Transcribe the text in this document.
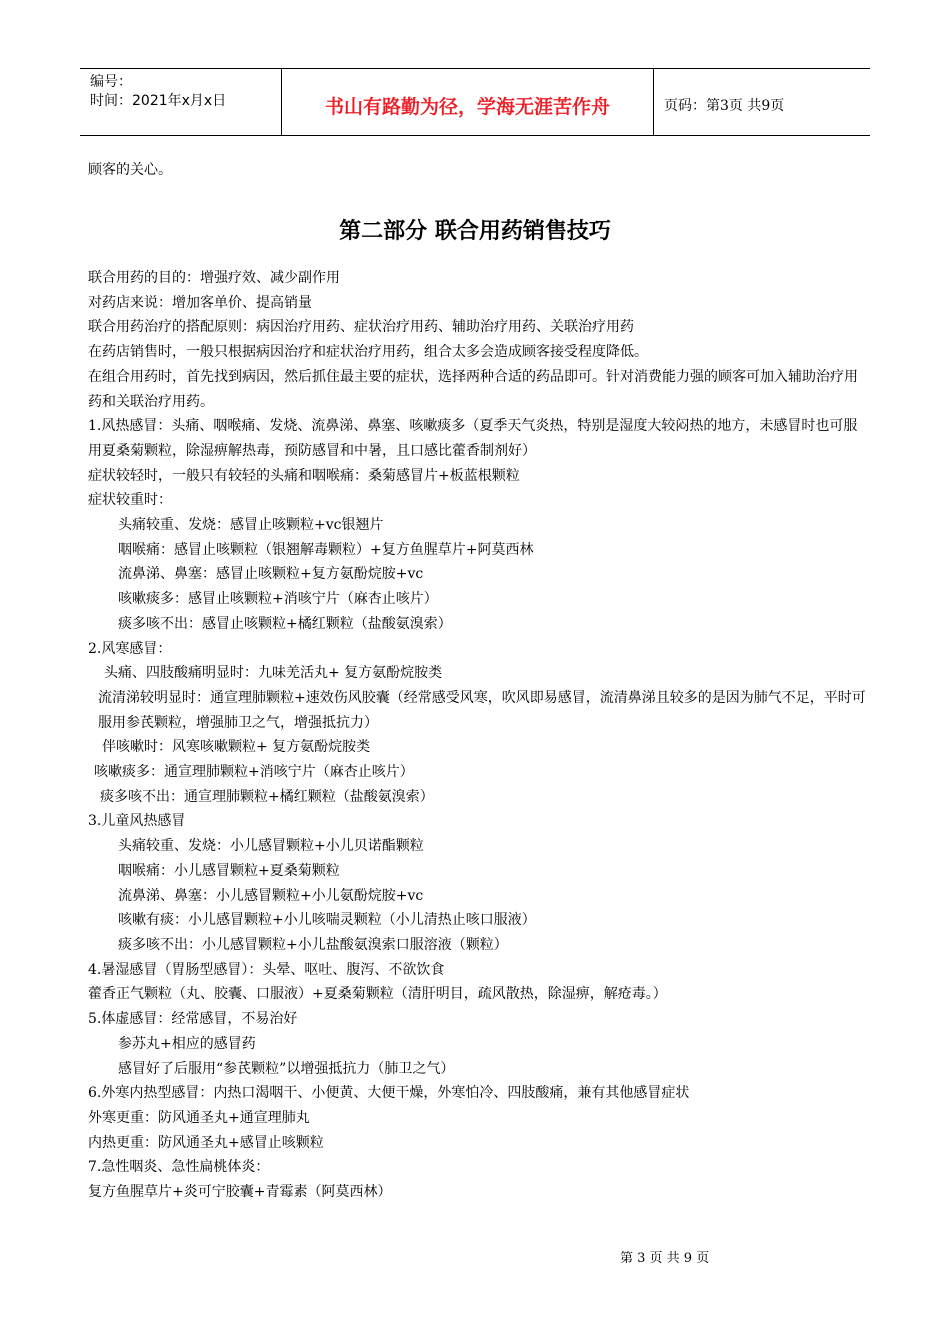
编号：
时间：2021年x月x日	书山有路勤为径，学海无涯苦作舟	页码：第3页 共9页
顾客的关心。
第二部分 联合用药销售技巧
联合用药的目的：增强疗效、减少副作用
对药店来说：增加客单价、提高销量
联合用药治疗的搭配原则：病因治疗用药、症状治疗用药、辅助治疗用药、关联治疗用药
在药店销售时，一般只根据病因治疗和症状治疗用药，组合太多会造成顾客接受程度降低。
在组合用药时，首先找到病因，然后抓住最主要的症状，选择两种合适的药品即可。针对消费能力强的顾客可加入辅助治疗用药和关联治疗用药。
1.风热感冒：头痛、咽喉痛、发烧、流鼻涕、鼻塞、咳嗽痰多（夏季天气炎热，特别是湿度大较闷热的地方，未感冒时也可服用夏桑菊颗粒，除湿痹解热毒，预防感冒和中暑，且口感比藿香制剂好）
症状较轻时，一般只有较轻的头痛和咽喉痛：桑菊感冒片+板蓝根颗粒
症状较重时：
头痛较重、发烧：感冒止咳颗粒+vc银翘片
咽喉痛：感冒止咳颗粒（银翘解毒颗粒）+复方鱼腥草片+阿莫西林
流鼻涕、鼻塞：感冒止咳颗粒+复方氨酚烷胺+vc
咳嗽痰多：感冒止咳颗粒+消咳宁片（麻杏止咳片）
痰多咳不出：感冒止咳颗粒+橘红颗粒（盐酸氨溴索）
2.风寒感冒：
头痛、四肢酸痛明显时：九味羌活丸+ 复方氨酚烷胺类
流清涕较明显时：通宣理肺颗粒+速效伤风胶囊（经常感受风寒，吹风即易感冒，流清鼻涕且较多的是因为肺气不足，平时可服用参芪颗粒，增强肺卫之气，增强抵抗力）
伴咳嗽时：风寒咳嗽颗粒+ 复方氨酚烷胺类
咳嗽痰多：通宣理肺颗粒+消咳宁片（麻杏止咳片）
痰多咳不出：通宣理肺颗粒+橘红颗粒（盐酸氨溴索）
3.儿童风热感冒
头痛较重、发烧：小儿感冒颗粒+小儿贝诺酯颗粒
咽喉痛：小儿感冒颗粒+夏桑菊颗粒
流鼻涕、鼻塞：小儿感冒颗粒+小儿氨酚烷胺+vc
咳嗽有痰：小儿感冒颗粒+小儿咳喘灵颗粒（小儿清热止咳口服液）
痰多咳不出：小儿感冒颗粒+小儿盐酸氨溴索口服溶液（颗粒）
4.暑湿感冒（胃肠型感冒）：头晕、呕吐、腹泻、不欲饮食
藿香正气颗粒（丸、胶囊、口服液）+夏桑菊颗粒（清肝明目，疏风散热，除湿痹，解疮毒。）
5.体虚感冒：经常感冒，不易治好
参苏丸+相应的感冒药
感冒好了后服用“参芪颗粒”以增强抵抗力（肺卫之气）
6.外寒内热型感冒：内热口渴咽干、小便黄、大便干燥，外寒怕冷、四肢酸痛，兼有其他感冒症状
外寒更重：防风通圣丸+通宣理肺丸
内热更重：防风通圣丸+感冒止咳颗粒
7.急性咽炎、急性扁桃体炎：
复方鱼腥草片+炎可宁胶囊+青霉素（阿莫西林）
第 3 页 共 9 页
